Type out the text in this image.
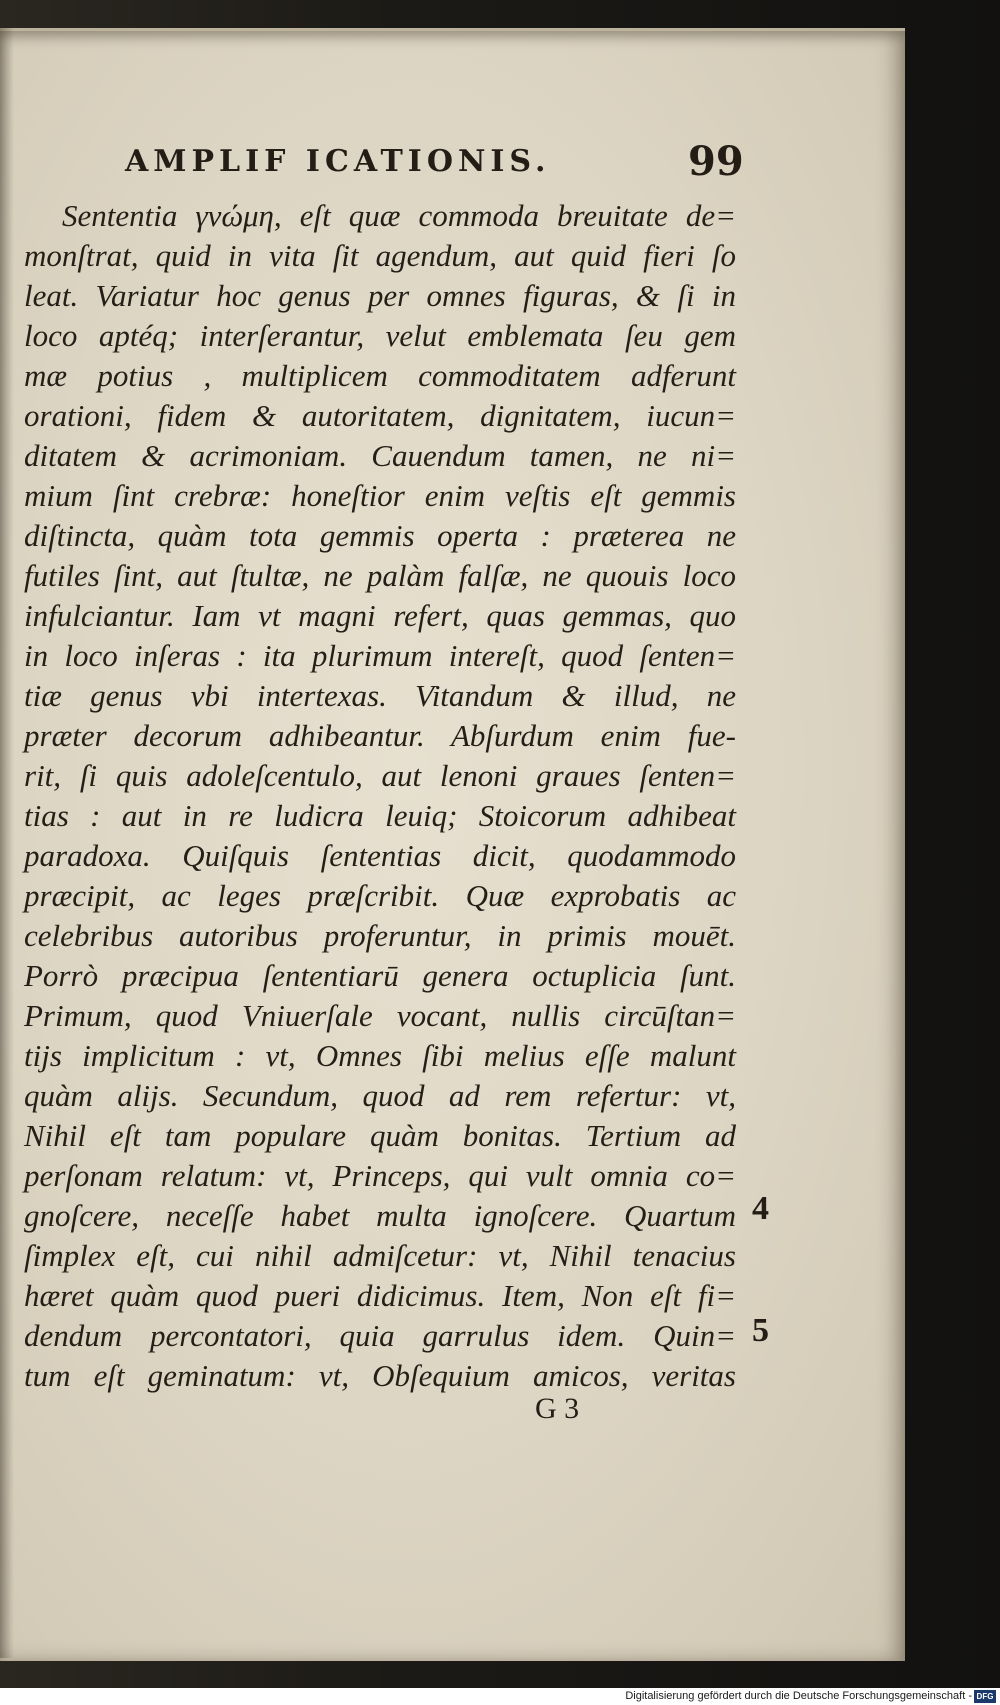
AMPLIF ICATIONIS.	99
Sententia γνώμη, eſt quæ commoda breuitate de=
monſtrat, quid in vita ſit agendum, aut quid fieri ſo
leat. Variatur hoc genus per omnes figuras, & ſi in
loco aptéq; interſerantur, velut emblemata ſeu gem
mæ potius , multiplicem commoditatem adferunt
orationi, fidem & autoritatem, dignitatem, iucun=
ditatem & acrimoniam. Cauendum tamen, ne ni=
mium ſint crebræ: honeſtior enim veſtis eſt gemmis
diſtincta, quàm tota gemmis operta : præterea ne
futiles ſint, aut ſtultæ, ne palàm falſæ, ne quouis loco
infulciantur. Iam vt magni refert, quas gemmas, quo
in loco inſeras : ita plurimum intereſt, quod ſenten=
tiæ genus vbi intertexas. Vitandum & illud, ne
præter decorum adhibeantur. Abſurdum enim fue-
rit, ſi quis adoleſcentulo, aut lenoni graues ſenten=
tias : aut in re ludicra leuiq; Stoicorum adhibeat
paradoxa. Quiſquis ſententias dicit, quodammodo
præcipit, ac leges præſcribit. Quæ exprobatis ac
celebribus autoribus proferuntur, in primis mouēt.
Porrò præcipua ſententiarū genera octuplicia ſunt.
Primum, quod Vniuerſale vocant, nullis circūſtan=
tijs implicitum : vt, Omnes ſibi melius eſſe malunt
quàm alijs. Secundum, quod ad rem refertur: vt,
Nihil eſt tam populare quàm bonitas. Tertium ad
perſonam relatum: vt, Princeps, qui vult omnia co=
gnoſcere, neceſſe habet multa ignoſcere. Quartum
ſimplex eſt, cui nihil admiſcetur: vt, Nihil tenacius
hæret quàm quod pueri didicimus. Item, Non eſt fi=
dendum percontatori, quia garrulus idem. Quin=
tum eſt geminatum: vt, Obſequium amicos, veritas
4
5
G 3
Digitalisierung gefördert durch die Deutsche Forschungsgemeinschaft - DFG
